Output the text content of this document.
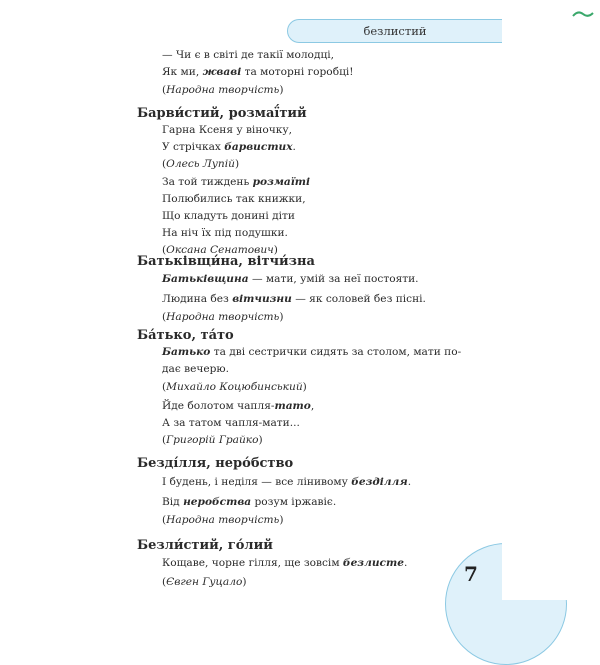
безлистий
— Чи є в світі де такії молодці,
Як ми, жваві та моторні горобці!
(Народна творчість)
Барви́стий, розмаї́тий
Гарна Ксеня у віночку,
У стрічках барвистих.
(Олесь Лупій)
За той тиждень розмаїті
Полюбились так книжки,
Що кладуть донині діти
На ніч їх під подушки.
(Оксана Сенатович)
Батьківщи́на, вітчи́зна
Батьківщина — мати, умій за неї постояти.
Людина без вітчизни — як соловей без пісні.
(Народна творчість)
Ба́тько, та́то
Батько та дві сестрички сидять за столом, мати по-
дає вечерю.
(Михайло Коцюбинський)
Йде болотом чапля-тато,
А за татом чапля-мати...
(Григорій Грайко)
Безді́лля, неро́бство
І будень, і неділя — все лінивому безділля.
Від неробства розум іржавіє.
(Народна творчість)
Безли́стий, го́лий
Кощаве, чорне гілля, ще зовсім безлисте.
(Євген Гуцало)	7
